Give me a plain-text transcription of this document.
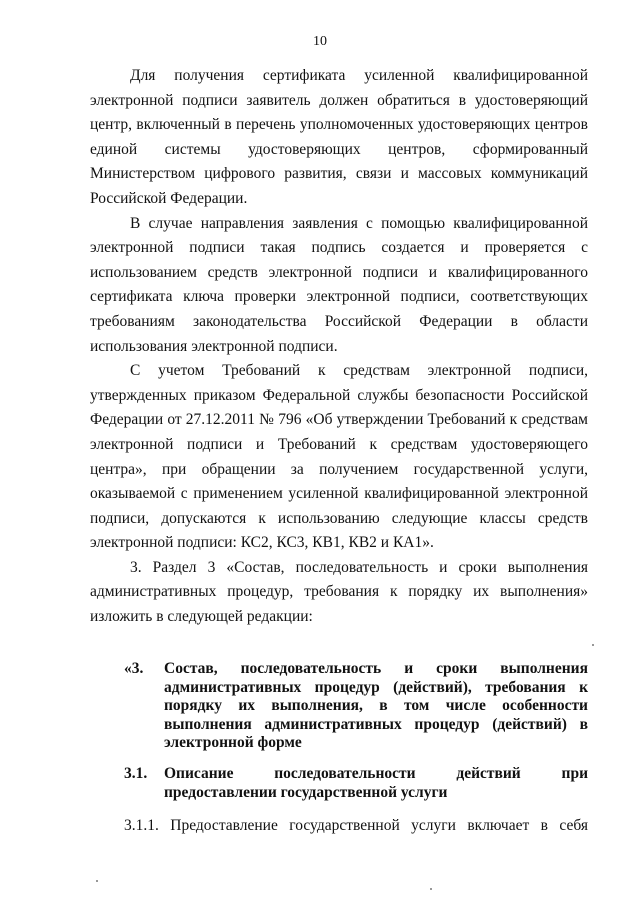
10

Для получения сертификата усиленной квалифицированной электронной подписи заявитель должен обратиться в удостоверяющий центр, включенный в перечень уполномоченных удостоверяющих центров единой системы удостоверяющих центров, сформированный Министерством цифрового развития, связи и массовых коммуникаций Российской Федерации.

В случае направления заявления с помощью квалифицированной электронной подписи такая подпись создается и проверяется с использованием средств электронной подписи и квалифицированного сертификата ключа проверки электронной подписи, соответствующих требованиям законодательства Российской Федерации в области использования электронной подписи.

С учетом Требований к средствам электронной подписи, утвержденных приказом Федеральной службы безопасности Российской Федерации от 27.12.2011 № 796 «Об утверждении Требований к средствам электронной подписи и Требований к средствам удостоверяющего центра», при обращении за получением государственной услуги, оказываемой с применением усиленной квалифицированной электронной подписи, допускаются к использованию следующие классы средств электронной подписи: КС2, КС3, КВ1, КВ2 и КА1».

3. Раздел 3 «Состав, последовательность и сроки выполнения административных процедур, требования к порядку их выполнения» изложить в следующей редакции:

«3. Состав, последовательность и сроки выполнения административных процедур (действий), требования к порядку их выполнения, в том числе особенности выполнения административных процедур (действий) в электронной форме
3.1. Описание последовательности действий при предоставлении государственной услуги
3.1.1. Предоставление государственной услуги включает в себя
